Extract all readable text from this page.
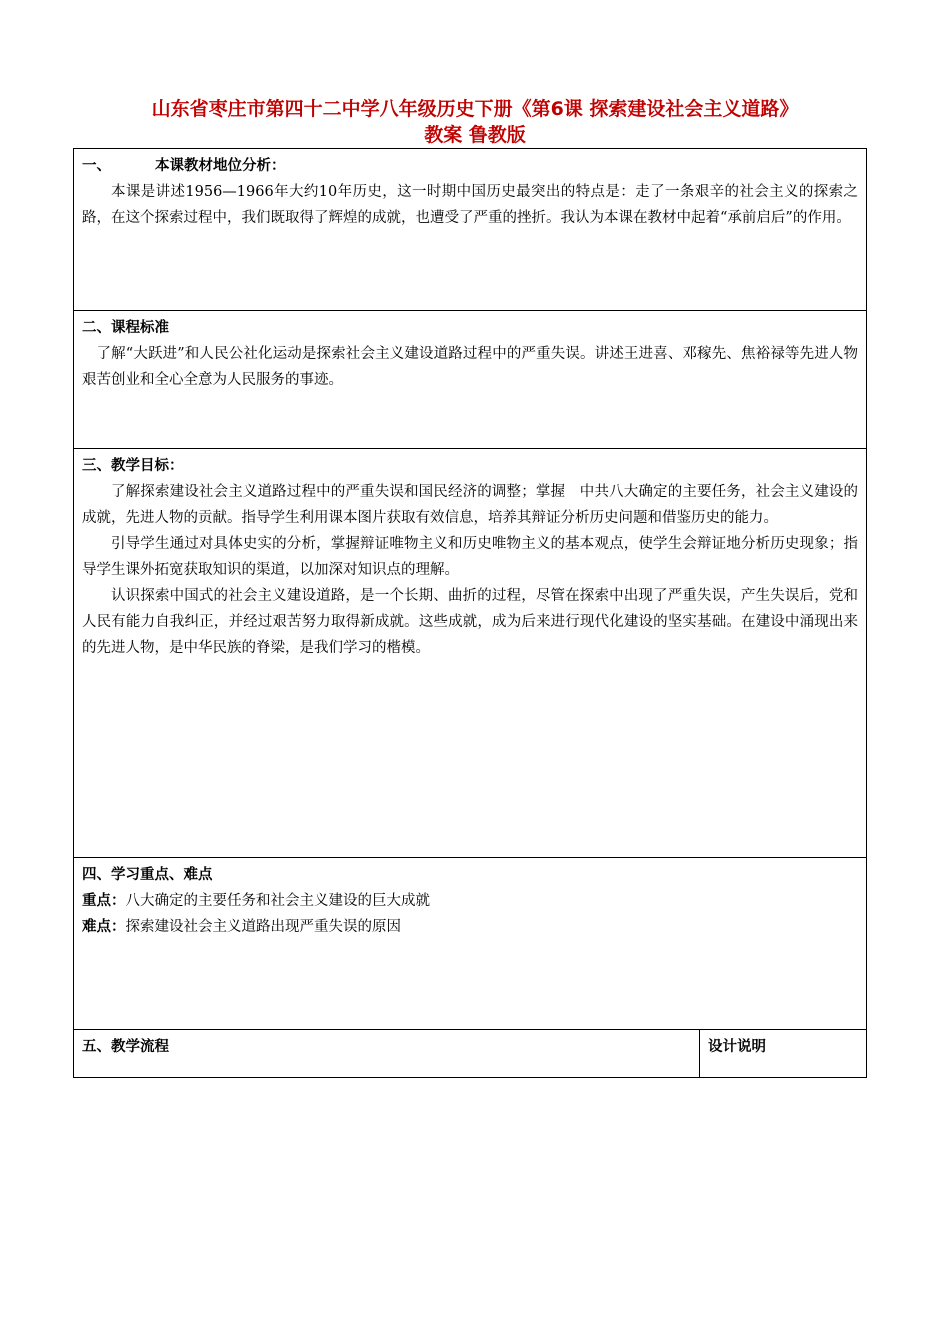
山东省枣庄市第四十二中学八年级历史下册《第6课 探索建设社会主义道路》
教案 鲁教版
一、	本课教材地位分析：

本课是讲述1956—1966年大约10年历史，这一时期中国历史最突出的特点是：走了一条艰辛的社会主义的探索之路，在这个探索过程中，我们既取得了辉煌的成就，也遭受了严重的挫折。我认为本课在教材中起着“承前启后”的作用。

二、课程标准

了解“大跃进”和人民公社化运动是探索社会主义建设道路过程中的严重失误。讲述王进喜、邓稼先、焦裕禄等先进人物艰苦创业和全心全意为人民服务的事迹。

三、教学目标：

了解探索建设社会主义道路过程中的严重失误和国民经济的调整；掌握　中共八大确定的主要任务，社会主义建设的成就，先进人物的贡献。指导学生利用课本图片获取有效信息，培养其辩证分析历史问题和借鉴历史的能力。

引导学生通过对具体史实的分析，掌握辩证唯物主义和历史唯物主义的基本观点，使学生会辩证地分析历史现象；指导学生课外拓宽获取知识的渠道，以加深对知识点的理解。

认识探索中国式的社会主义建设道路，是一个长期、曲折的过程，尽管在探索中出现了严重失误，产生失误后，党和人民有能力自我纠正，并经过艰苦努力取得新成就。这些成就，成为后来进行现代化建设的坚实基础。在建设中涌现出来的先进人物，是中华民族的脊梁，是我们学习的楷模。

四、学习重点、难点
重点：八大确定的主要任务和社会主义建设的巨大成就
难点：探索建设社会主义道路出现严重失误的原因

五、教学流程	设计说明
